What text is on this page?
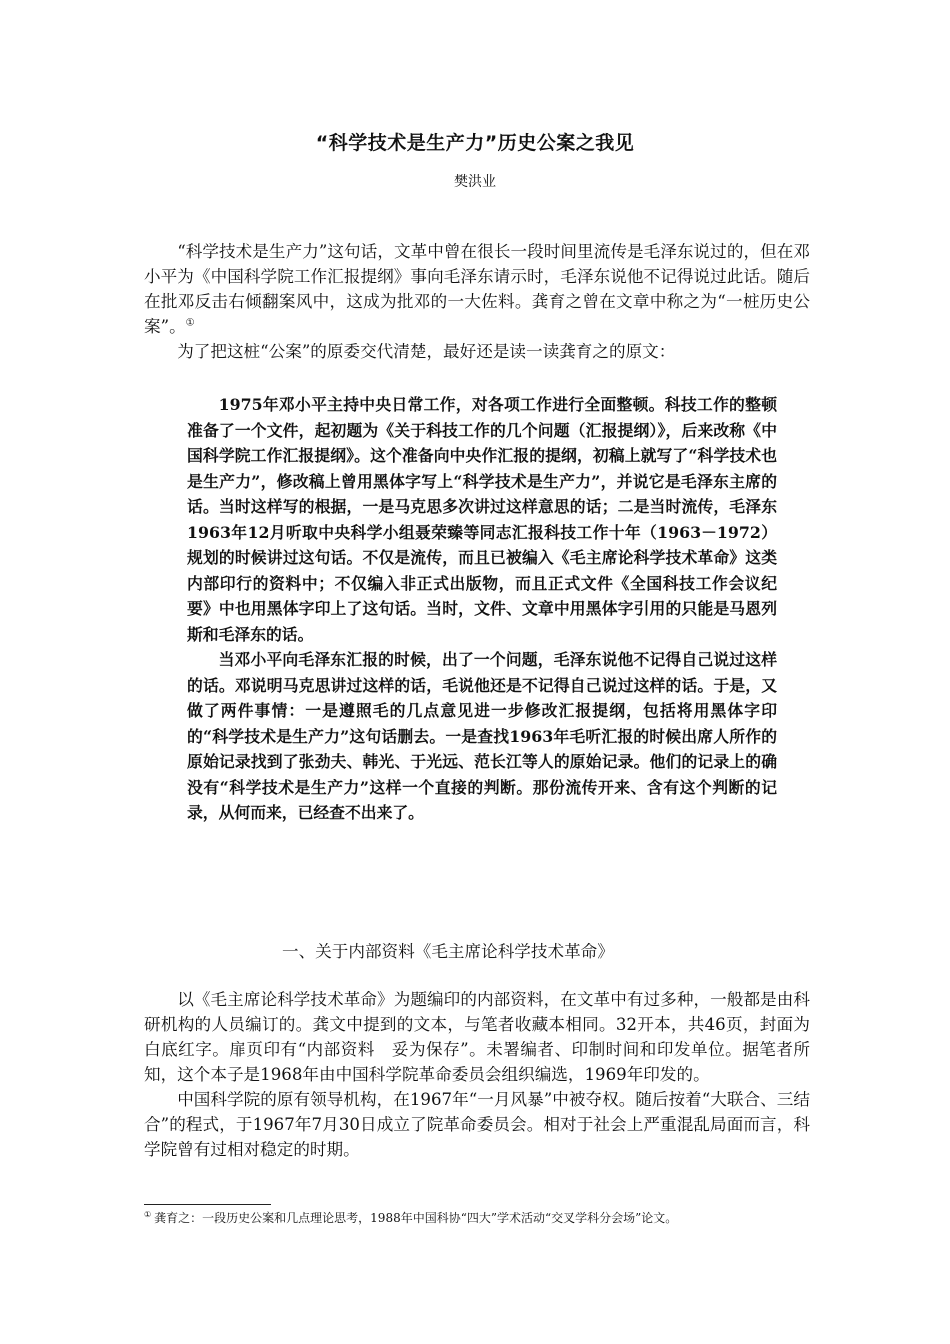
“科学技术是生产力”历史公案之我见
樊洪业

“科学技术是生产力”这句话，文革中曾在很长一段时间里流传是毛泽东说过的，但在邓小平为《中国科学院工作汇报提纲》事向毛泽东请示时，毛泽东说他不记得说过此话。随后在批邓反击右倾翻案风中，这成为批邓的一大佐料。龚育之曾在文章中称之为“一桩历史公案”。①

为了把这桩“公案”的原委交代清楚，最好还是读一读龚育之的原文：

1975年邓小平主持中央日常工作，对各项工作进行全面整顿。科技工作的整顿准备了一个文件，起初题为《关于科技工作的几个问题（汇报提纲）》，后来改称《中国科学院工作汇报提纲》。这个准备向中央作汇报的提纲，初稿上就写了“科学技术也是生产力”，修改稿上曾用黑体字写上“科学技术是生产力”，并说它是毛泽东主席的话。当时这样写的根据，一是马克思多次讲过这样意思的话；二是当时流传，毛泽东1963年12月听取中央科学小组聂荣臻等同志汇报科技工作十年（1963－1972）规划的时候讲过这句话。不仅是流传，而且已被编入《毛主席论科学技术革命》这类内部印行的资料中；不仅编入非正式出版物，而且正式文件《全国科技工作会议纪要》中也用黑体字印上了这句话。当时，文件、文章中用黑体字引用的只能是马恩列斯和毛泽东的话。

当邓小平向毛泽东汇报的时候，出了一个问题，毛泽东说他不记得自己说过这样的话。邓说明马克思讲过这样的话，毛说他还是不记得自己说过这样的话。于是，又做了两件事情：一是遵照毛的几点意见进一步修改汇报提纲，包括将用黑体字印的“科学技术是生产力”这句话删去。一是查找1963年毛听汇报的时候出席人所作的原始记录找到了张劲夫、韩光、于光远、范长江等人的原始记录。他们的记录上的确没有“科学技术是生产力”这样一个直接的判断。那份流传开来、含有这个判断的记录，从何而来，已经查不出来了。

一、关于内部资料《毛主席论科学技术革命》

以《毛主席论科学技术革命》为题编印的内部资料，在文革中有过多种，一般都是由科研机构的人员编订的。龚文中提到的文本，与笔者收藏本相同。32开本，共46页，封面为白底红字。扉页印有“内部资料　妥为保存”。未署编者、印制时间和印发单位。据笔者所知，这个本子是1968年由中国科学院革命委员会组织编选，1969年印发的。

中国科学院的原有领导机构，在1967年“一月风暴”中被夺权。随后按着“大联合、三结合”的程式，于1967年7月30日成立了院革命委员会。相对于社会上严重混乱局面而言，科学院曾有过相对稳定的时期。

① 龚育之：一段历史公案和几点理论思考，1988年中国科协“四大”学术活动“交叉学科分会场”论文。
